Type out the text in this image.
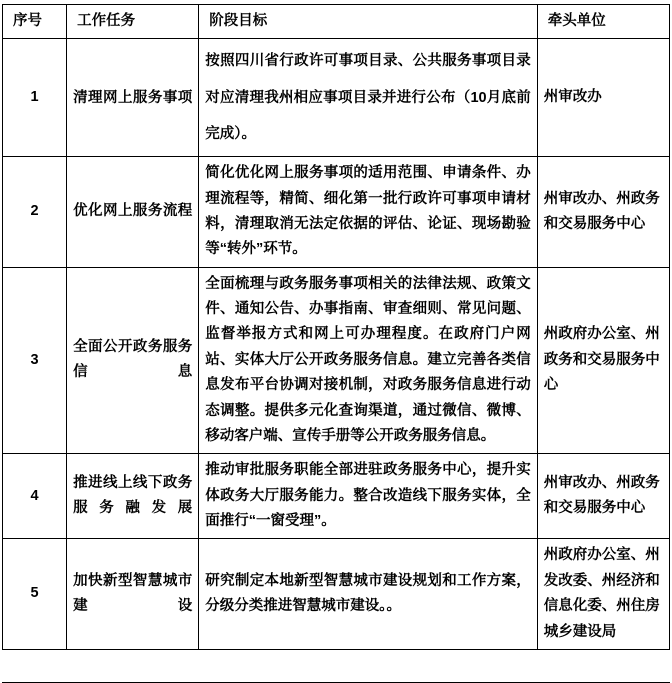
序号	工作任务	阶段目标	牵头单位
1	清理网上服务事项	按照四川省行政许可事项目录、公共服务事项目录对应清理我州相应事项目录并进行公布（10月底前完成）。	州审改办
2	优化网上服务流程	简化优化网上服务事项的适用范围、申请条件、办理流程等，精简、细化第一批行政许可事项申请材料，清理取消无法定依据的评估、论证、现场勘验等“转外”环节。	州审改办、州政务和交易服务中心
3	全面公开政务服务信息	全面梳理与政务服务事项相关的法律法规、政策文件、通知公告、办事指南、审查细则、常见问题、监督举报方式和网上可办理程度。在政府门户网站、实体大厅公开政务服务信息。建立完善各类信息发布平台协调对接机制，对政务服务信息进行动态调整。提供多元化查询渠道，通过微信、微博、移动客户端、宣传手册等公开政务服务信息。	州政府办公室、州政务和交易服务中心
4	推进线上线下政务服务融发展	推动审批服务职能全部进驻政务服务中心，提升实体政务大厅服务能力。整合改造线下服务实体，全面推行“一窗受理”。	州审改办、州政务和交易服务中心
5	加快新型智慧城市建设	研究制定本地新型智慧城市建设规划和工作方案，分级分类推进智慧城市建设。。	州政府办公室、州发改委、州经济和信息化委、州住房城乡建设局
